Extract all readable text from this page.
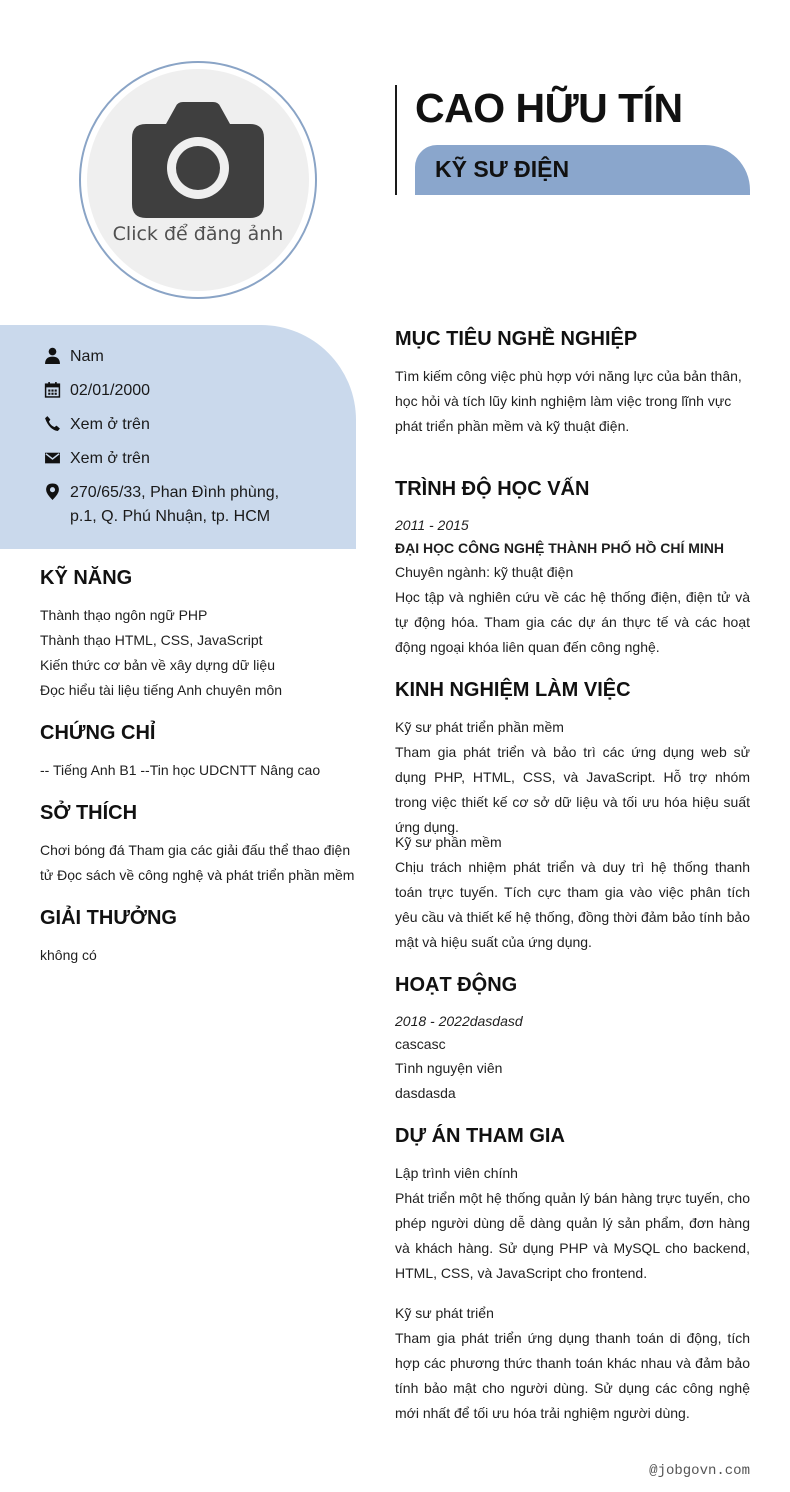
Click để đăng ảnh
CAO HỮU TÍN
KỸ SƯ ĐIỆN
Nam
02/01/2000
Xem ở trên
Xem ở trên
270/65/33, Phan Đình phùng,
p.1, Q. Phú Nhuận, tp. HCM
KỸ NĂNG
Thành thạo ngôn ngữ PHP
Thành thạo HTML, CSS, JavaScript
Kiến thức cơ bản về xây dựng dữ liệu
Đọc hiểu tài liệu tiếng Anh chuyên môn
CHỨNG CHỈ
-- Tiếng Anh B1 --Tin học UDCNTT Nâng cao
SỞ THÍCH
Chơi bóng đá Tham gia các giải đấu thể thao điện tử Đọc sách về công nghệ và phát triển phần mềm
GIẢI THƯỞNG
không có
MỤC TIÊU NGHỀ NGHIỆP
Tìm kiếm công việc phù hợp với năng lực của bản thân, học hỏi và tích lũy kinh nghiệm làm việc trong lĩnh vực phát triển phần mềm và kỹ thuật điện.
TRÌNH ĐỘ HỌC VẤN
2011 - 2015
ĐẠI HỌC CÔNG NGHỆ THÀNH PHỐ HỒ CHÍ MINH
Chuyên ngành: kỹ thuật điện
Học tập và nghiên cứu về các hệ thống điện, điện tử và tự động hóa. Tham gia các dự án thực tế và các hoạt động ngoại khóa liên quan đến công nghệ.
KINH NGHIỆM LÀM VIỆC
Kỹ sư phát triển phần mềm
Tham gia phát triển và bảo trì các ứng dụng web sử dụng PHP, HTML, CSS, và JavaScript. Hỗ trợ nhóm trong việc thiết kế cơ sở dữ liệu và tối ưu hóa hiệu suất ứng dụng.
Kỹ sư phần mềm
Chịu trách nhiệm phát triển và duy trì hệ thống thanh toán trực tuyến. Tích cực tham gia vào việc phân tích yêu cầu và thiết kế hệ thống, đồng thời đảm bảo tính bảo mật và hiệu suất của ứng dụng.
HOẠT ĐỘNG
2018 - 2022dasdasd
cascasc
Tình nguyện viên
dasdasda
DỰ ÁN THAM GIA
Lập trình viên chính
Phát triển một hệ thống quản lý bán hàng trực tuyến, cho phép người dùng dễ dàng quản lý sản phẩm, đơn hàng và khách hàng. Sử dụng PHP và MySQL cho backend, HTML, CSS, và JavaScript cho frontend.
Kỹ sư phát triển
Tham gia phát triển ứng dụng thanh toán di động, tích hợp các phương thức thanh toán khác nhau và đảm bảo tính bảo mật cho người dùng. Sử dụng các công nghệ mới nhất để tối ưu hóa trải nghiệm người dùng.
@jobgovn.com
